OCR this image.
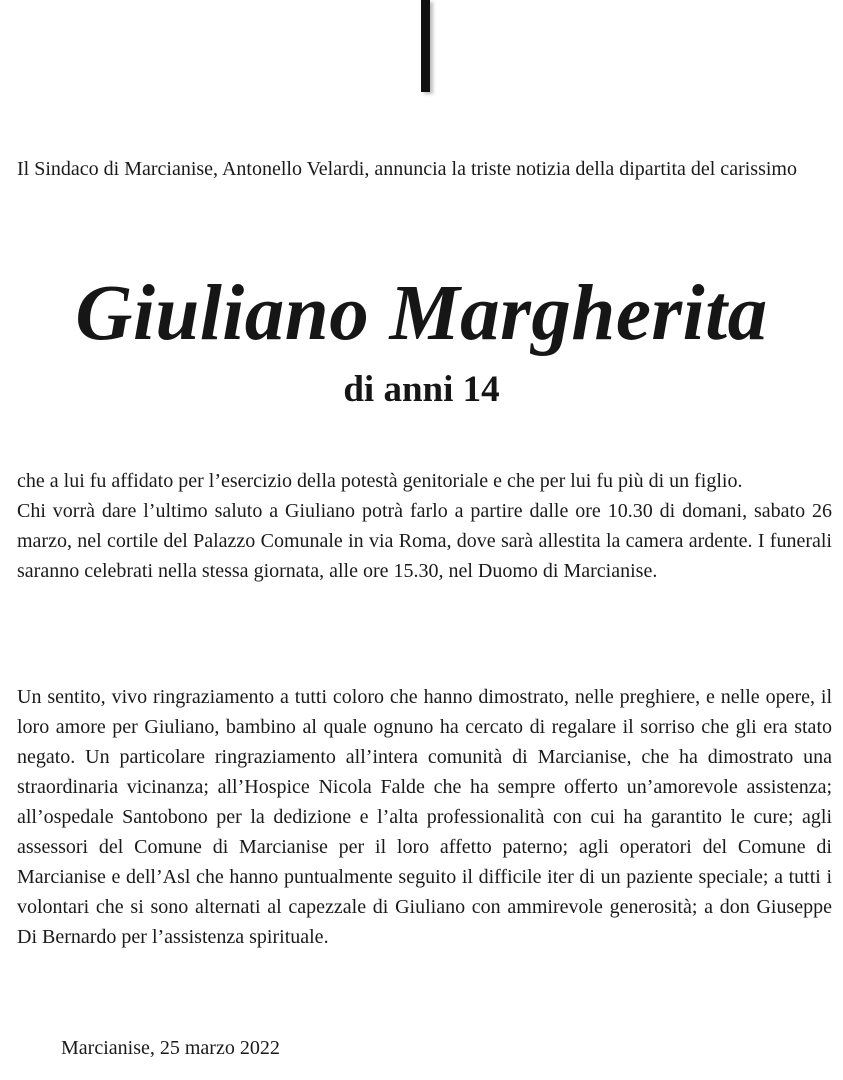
Il Sindaco di Marcianise, Antonello Velardi, annuncia la triste notizia della dipartita del carissimo
Giuliano Margherita
di anni 14

che a lui fu affidato per l’esercizio della potestà genitoriale e che per lui fu più di un figlio.

Chi vorrà dare l’ultimo saluto a Giuliano potrà farlo a partire dalle ore 10.30 di domani, sabato 26 marzo, nel cortile del Palazzo Comunale in via Roma, dove sarà allestita la camera ardente. I funerali saranno celebrati nella stessa giornata, alle ore 15.30, nel Duomo di Marcianise.

Un sentito, vivo ringraziamento a tutti coloro che hanno dimostrato, nelle preghiere, e nelle opere, il loro amore per Giuliano, bambino al quale ognuno ha cercato di regalare il sorriso che gli era stato negato. Un particolare ringraziamento all’intera comunità di Marcianise, che ha dimostrato una straordinaria vicinanza; all’Hospice Nicola Falde che ha sempre offerto un’amorevole assistenza; all’ospedale Santobono per la dedizione e l’alta professionalità con cui ha garantito le cure; agli assessori del Comune di Marcianise per il loro affetto paterno; agli operatori del Comune di Marcianise e dell’Asl che hanno puntualmente seguito il difficile iter di un paziente speciale; a tutti i volontari che si sono alternati al capezzale di Giuliano con ammirevole generosità; a don Giuseppe Di Bernardo per l’assistenza spirituale.

Marcianise, 25 marzo 2022
